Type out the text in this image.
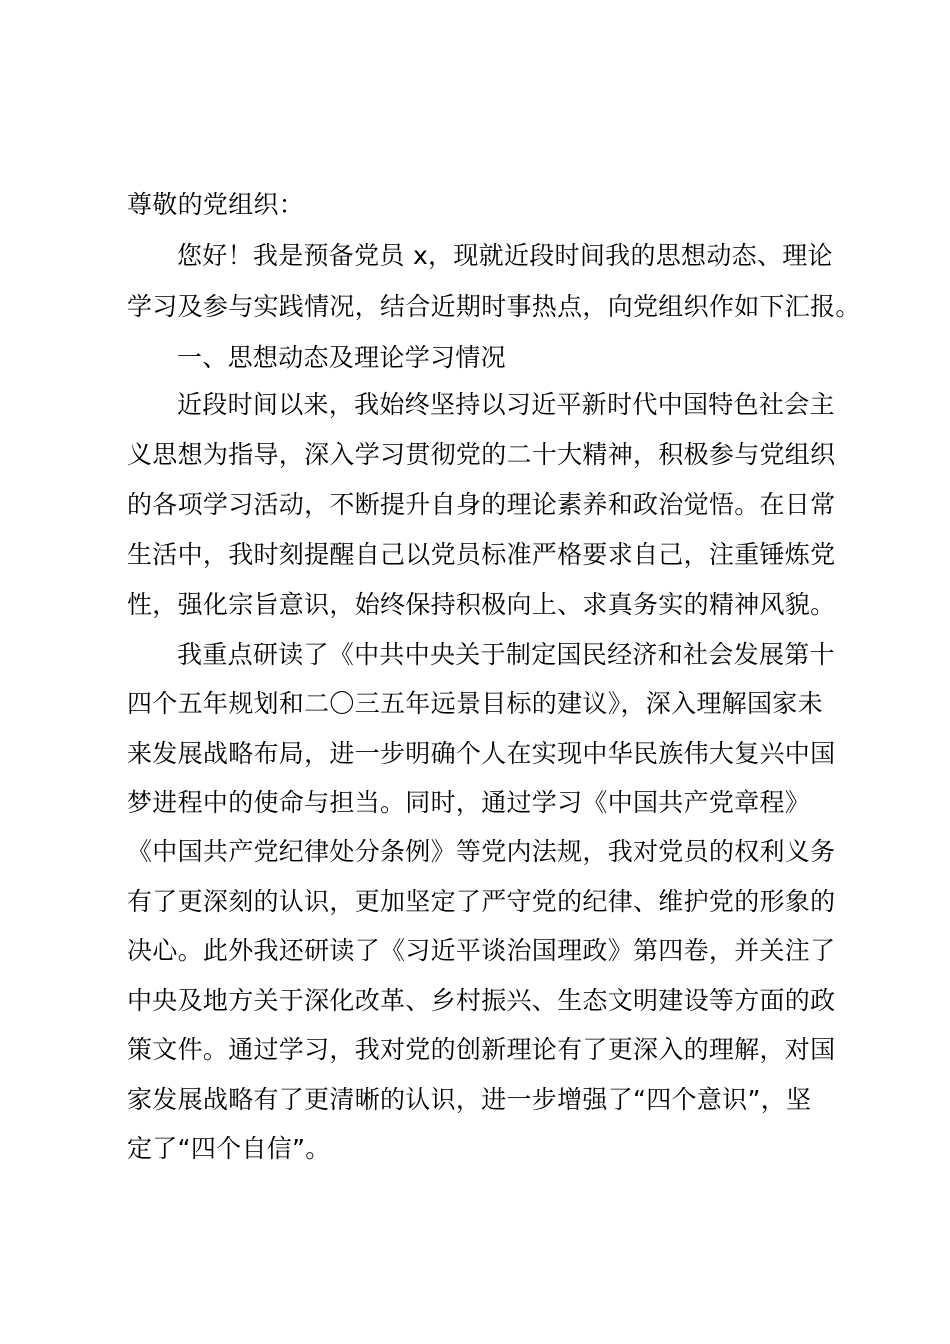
尊敬的党组织：
您好！我是预备党员 x，现就近段时间我的思想动态、理论
学习及参与实践情况，结合近期时事热点，向党组织作如下汇报。
一、思想动态及理论学习情况
近段时间以来，我始终坚持以习近平新时代中国特色社会主
义思想为指导，深入学习贯彻党的二十大精神，积极参与党组织
的各项学习活动，不断提升自身的理论素养和政治觉悟。在日常
生活中，我时刻提醒自己以党员标准严格要求自己，注重锤炼党
性，强化宗旨意识，始终保持积极向上、求真务实的精神风貌。
我重点研读了《中共中央关于制定国民经济和社会发展第十
四个五年规划和二〇三五年远景目标的建议》，深入理解国家未
来发展战略布局，进一步明确个人在实现中华民族伟大复兴中国
梦进程中的使命与担当。同时，通过学习《中国共产党章程》
《中国共产党纪律处分条例》等党内法规，我对党员的权利义务
有了更深刻的认识，更加坚定了严守党的纪律、维护党的形象的
决心。此外我还研读了《习近平谈治国理政》第四卷，并关注了
中央及地方关于深化改革、乡村振兴、生态文明建设等方面的政
策文件。通过学习，我对党的创新理论有了更深入的理解，对国
家发展战略有了更清晰的认识，进一步增强了“四个意识”，坚
定了“四个自信”。
